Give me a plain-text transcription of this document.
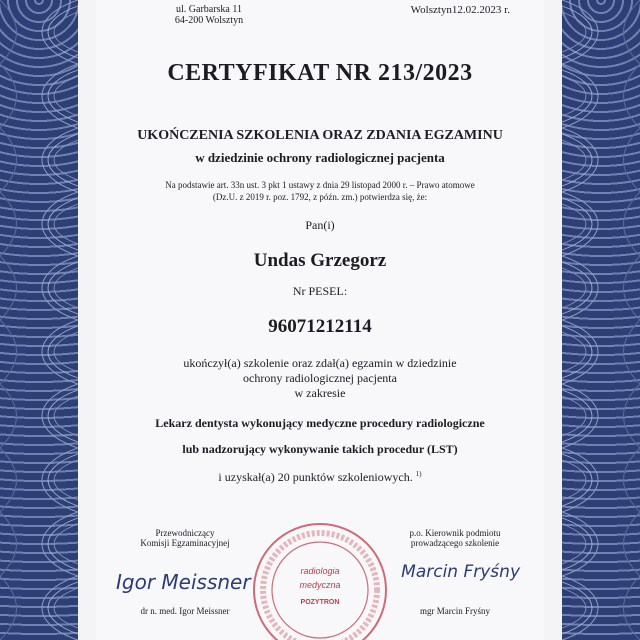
ul. Garbarska 11
64-200 Wolsztyn
Wolsztyn12.02.2023 r.
CERTYFIKAT NR 213/2023
UKOŃCZENIA SZKOLENIA ORAZ ZDANIA EGZAMINU
w dziedzinie ochrony radiologicznej pacjenta
Na podstawie art. 33n ust. 3 pkt 1 ustawy z dnia 29 listopad 2000 r. – Prawo atomowe
(Dz.U. z 2019 r. poz. 1792, z późn. zm.) potwierdza się, że:
Pan(i)
Undas Grzegorz
Nr PESEL:
96071212114
ukończył(a) szkolenie oraz zdał(a) egzamin w dziedzinie
ochrony radiologicznej pacjenta
w zakresie
Lekarz dentysta wykonujący medyczne procedury radiologiczne
lub nadzorujący wykonywanie takich procedur (LST)
i uzyskał(a) 20 punktów szkoleniowych. $^{1)}$
Przewodniczący
Komisji Egzaminacyjnej
Igor Meissner
dr n. med. Igor Meissner
p.o. Kierownik podmiotu
prowadzącego szkolenie
Marcin Fryśny
mgr Marcin Fryśny
radiologia
medyczna
POZYTRON
